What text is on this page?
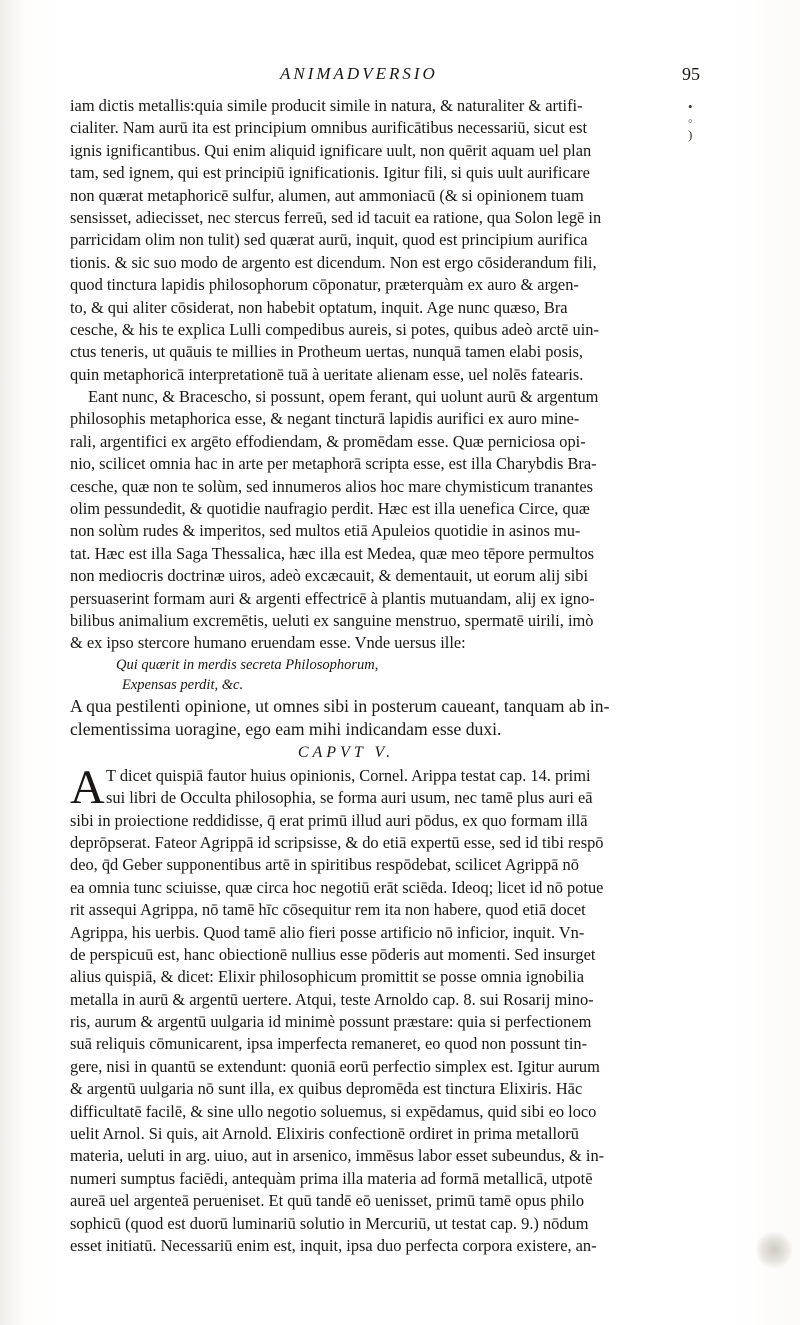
ANIMADVERSIO	95
•
◦
)
iam dictis metallis:quia simile producit simile in natura, & naturaliter & artifi-
cialiter. Nam aurū ita est principium omnibus aurificātibus necessariū, sicut est
ignis ignificantibus. Qui enim aliquid ignificare uult, non quērit aquam uel plan
tam, sed ignem, qui est principiū ignificationis. Igitur fili, si quis uult aurificare
non quærat metaphoricē sulfur, alumen, aut ammoniacū (& si opinionem tuam
sensisset, adiecisset, nec stercus ferreū, sed id tacuit ea ratione, qua Solon legē in
parricidam olim non tulit) sed quærat aurū, inquit, quod est principium aurifica
tionis. & sic suo modo de argento est dicendum. Non est ergo cōsiderandum fili,
quod tinctura lapidis philosophorum cōponatur, præterquàm ex auro & argen-
to, & qui aliter cōsiderat, non habebit optatum, inquit. Age nunc quæso, Bra
cesche, & his te explica Lulli compedibus aureis, si potes, quibus adeò arctē uin-
ctus teneris, ut quāuis te millies in Protheum uertas, nunquā tamen elabi posis,
quin metaphoricā interpretationē tuā à ueritate alienam esse, uel nolēs fatearis.
Eant nunc, & Bracescho, si possunt, opem ferant, qui uolunt aurū & argentum
philosophis metaphorica esse, & negant tincturā lapidis aurifici ex auro mine-
rali, argentifici ex argēto effodiendam, & promēdam esse. Quæ perniciosa opi-
nio, scilicet omnia hac in arte per metaphorā scripta esse, est illa Charybdis Bra-
cesche, quæ non te solùm, sed innumeros alios hoc mare chymisticum tranantes
olim pessundedit, & quotidie naufragio perdit. Hæc est illa uenefica Circe, quæ
non solùm rudes & imperitos, sed multos etiā Apuleios quotidie in asinos mu-
tat. Hæc est illa Saga Thessalica, hæc illa est Medea, quæ meo tēpore permultos
non mediocris doctrinæ uiros, adeò excæcauit, & dementauit, ut eorum alij sibi
persuaserint formam auri & argenti effectricē à plantis mutuandam, alij ex igno-
bilibus animalium excremētis, ueluti ex sanguine menstruo, spermatē uirili, imò
& ex ipso stercore humano eruendam esse. Vnde uersus ille:
Qui quærit in merdis secreta Philosophorum,
Expensas perdit, &c.
A qua pestilenti opinione, ut omnes sibi in posterum caueant, tanquam ab in-
clementissima uoragine, ego eam mihi indicandam esse duxi.
CAPVT V.
A T dicet quispiā fautor huius opinionis, Cornel. Arippa testat cap. 14. primi
sui libri de Occulta philosophia, se forma auri usum, nec tamē plus auri eā
sibi in proiectione reddidisse, q̄ erat primū illud auri pōdus, ex quo formam illā
deprōpserat. Fateor Agrippā id scripsisse, & do etiā expertū esse, sed id tibi respō
deo, q̄d Geber supponentibus artē in spiritibus respōdebat, scilicet Agrippā nō
ea omnia tunc sciuisse, quæ circa hoc negotiū erāt sciēda. Ideoq; licet id nō potue
rit assequi Agrippa, nō tamē hīc cōsequitur rem ita non habere, quod etiā docet
Agrippa, his uerbis. Quod tamē alio fieri posse artificio nō inficior, inquit. Vn-
de perspicuū est, hanc obiectionē nullius esse pōderis aut momenti. Sed insurget
alius quispiā, & dicet: Elixir philosophicum promittit se posse omnia ignobilia
metalla in aurū & argentū uertere. Atqui, teste Arnoldo cap. 8. sui Rosarij mino-
ris, aurum & argentū uulgaria id minimè possunt præstare: quia si perfectionem
suā reliquis cōmunicarent, ipsa imperfecta remaneret, eo quod non possunt tin-
gere, nisi in quantū se extendunt: quoniā eorū perfectio simplex est. Igitur aurum
& argentū uulgaria nō sunt illa, ex quibus depromēda est tinctura Elixiris. Hāc
difficultatē facilē, & sine ullo negotio soluemus, si expēdamus, quid sibi eo loco
uelit Arnol. Si quis, ait Arnold. Elixiris confectionē ordiret in prima metallorū
materia, ueluti in arg. uiuo, aut in arsenico, immēsus labor esset subeundus, & in-
numeri sumptus faciēdi, antequàm prima illa materia ad formā metallicā, utpotē
aureā uel argenteā perueniset. Et quū tandē eō uenisset, primū tamē opus philo
sophicū (quod est duorū luminariū solutio in Mercuriū, ut testat cap. 9.) nōdum
esset initiatū. Necessariū enim est, inquit, ipsa duo perfecta corpora existere, an-
